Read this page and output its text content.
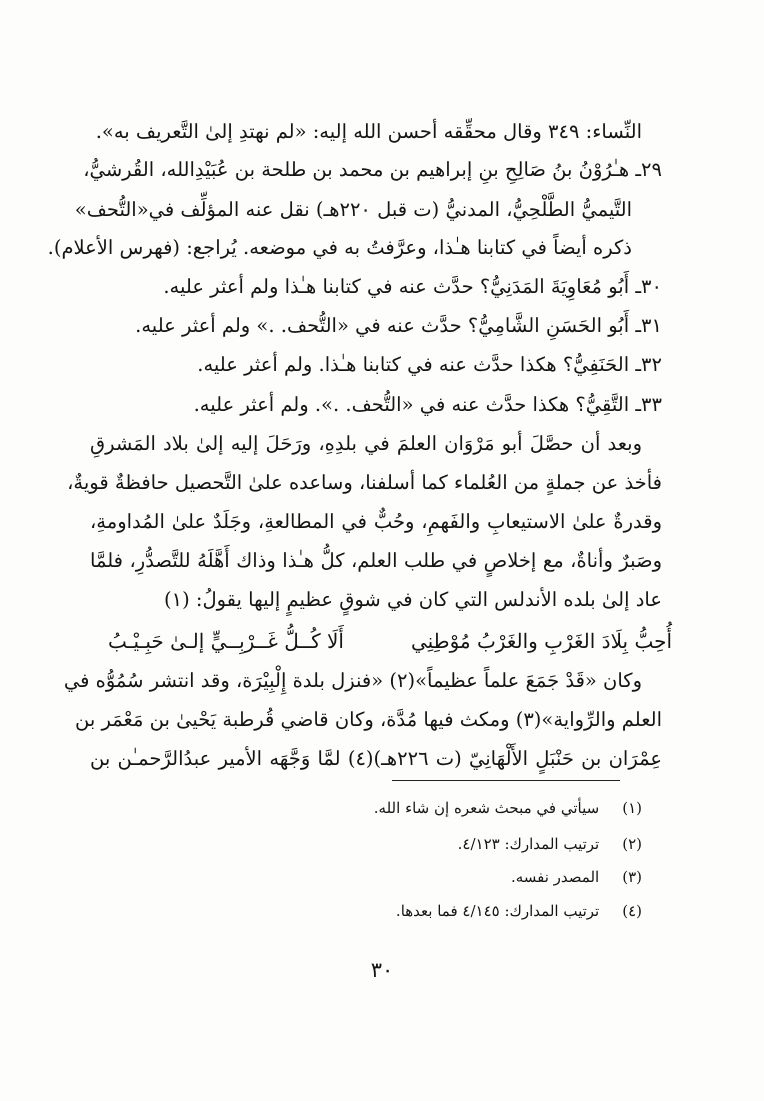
النِّساء: ٣٤٩ وقال محقِّقه أحسن الله إليه: «لم نهتدِ إلىٰ التَّعريف به».
٢٩ـ هـٰرُوْنُ بنُ صَالِحِ بنِ إبراهيم بن محمد بن طلحة بن عُبَيْدِالله، القُرشيُّ،
التَّيميُّ الطَّلْحِيُّ، المدنيُّ (ت قبل ٢٢٠هـ) نقل عنه المؤلِّف في«التُّحف»
ذكره أيضاً في كتابنا هـٰذا، وعرَّفتُ به في موضعه. يُراجع: (فهرس الأعلام).
٣٠ـ أَبُو مُعَاوِيَةَ المَدَنِيُّ؟ حدَّث عنه في كتابنا هـٰذا ولم أعثر عليه.
٣١ـ أَبُو الحَسَنِ الشَّامِيُّ؟ حدَّث عنه في «التُّحف. .» ولم أعثر عليه.
٣٢ـ الحَنَفِيُّ؟ هكذا حدَّث عنه في كتابنا هـٰذا. ولم أعثر عليه.
٣٣ـ التَّقِيُّ؟ هكذا حدَّث عنه في «التُّحف. .». ولم أعثر عليه.
وبعد أن حصَّلَ أبو مَرْوَان العلمَ في بلدِهِ، ورَحَلَ إليه إلىٰ بلاد المَشرقِ
فأخذ عن جملةٍ من العُلماء كما أسلفنا، وساعده علىٰ التَّحصيل حافظةٌ قويةٌ،
وقدرةٌ علىٰ الاستيعابِ والفَهمِ، وحُبٌّ في المطالعةِ، وجَلَدٌ علىٰ المُداومةِ،
وصَبرٌ وأناةٌ، مع إخلاصٍ في طلب العلم، كلُّ هـٰذا وذاك أَهَّلَهُ للتَّصدُّرِ، فلمَّا
عاد إلىٰ بلده الأندلس التي كان في شوقٍ عظيمٍ إليها يقولُ: (١)
أُحِبُّ بِلَادَ الغَرْبِ والغَرْبُ مُوْطِنِي
أَلَا كُــلُّ غَــرْبِــيٍّ إلـىٰ حَبِـيْـبُ
وكان «قَدْ جَمَعَ علماً عظيماً»(٢) «فنزل بلدة إِلْبِيْرَة، وقد انتشر سُمُوُّه في
العلم والرِّواية»(٣) ومكث فيها مُدَّة، وكان قاضي قُرطبة يَحْيىٰ بن مَعْمَر بن
عِمْرَان بن حَنْبَلٍ الأَلْهَانِيّ (ت ٢٢٦هـ)(٤) لمَّا وَجَّهَه الأمير عبدُالرَّحمـٰن بن
(١) سيأتي في مبحث شعره إن شاء الله.
(٢) ترتيب المدارك: ٤/١٢٣.
(٣) المصدر نفسه.
(٤) ترتيب المدارك: ٤/١٤٥ فما بعدها.
٣٠
